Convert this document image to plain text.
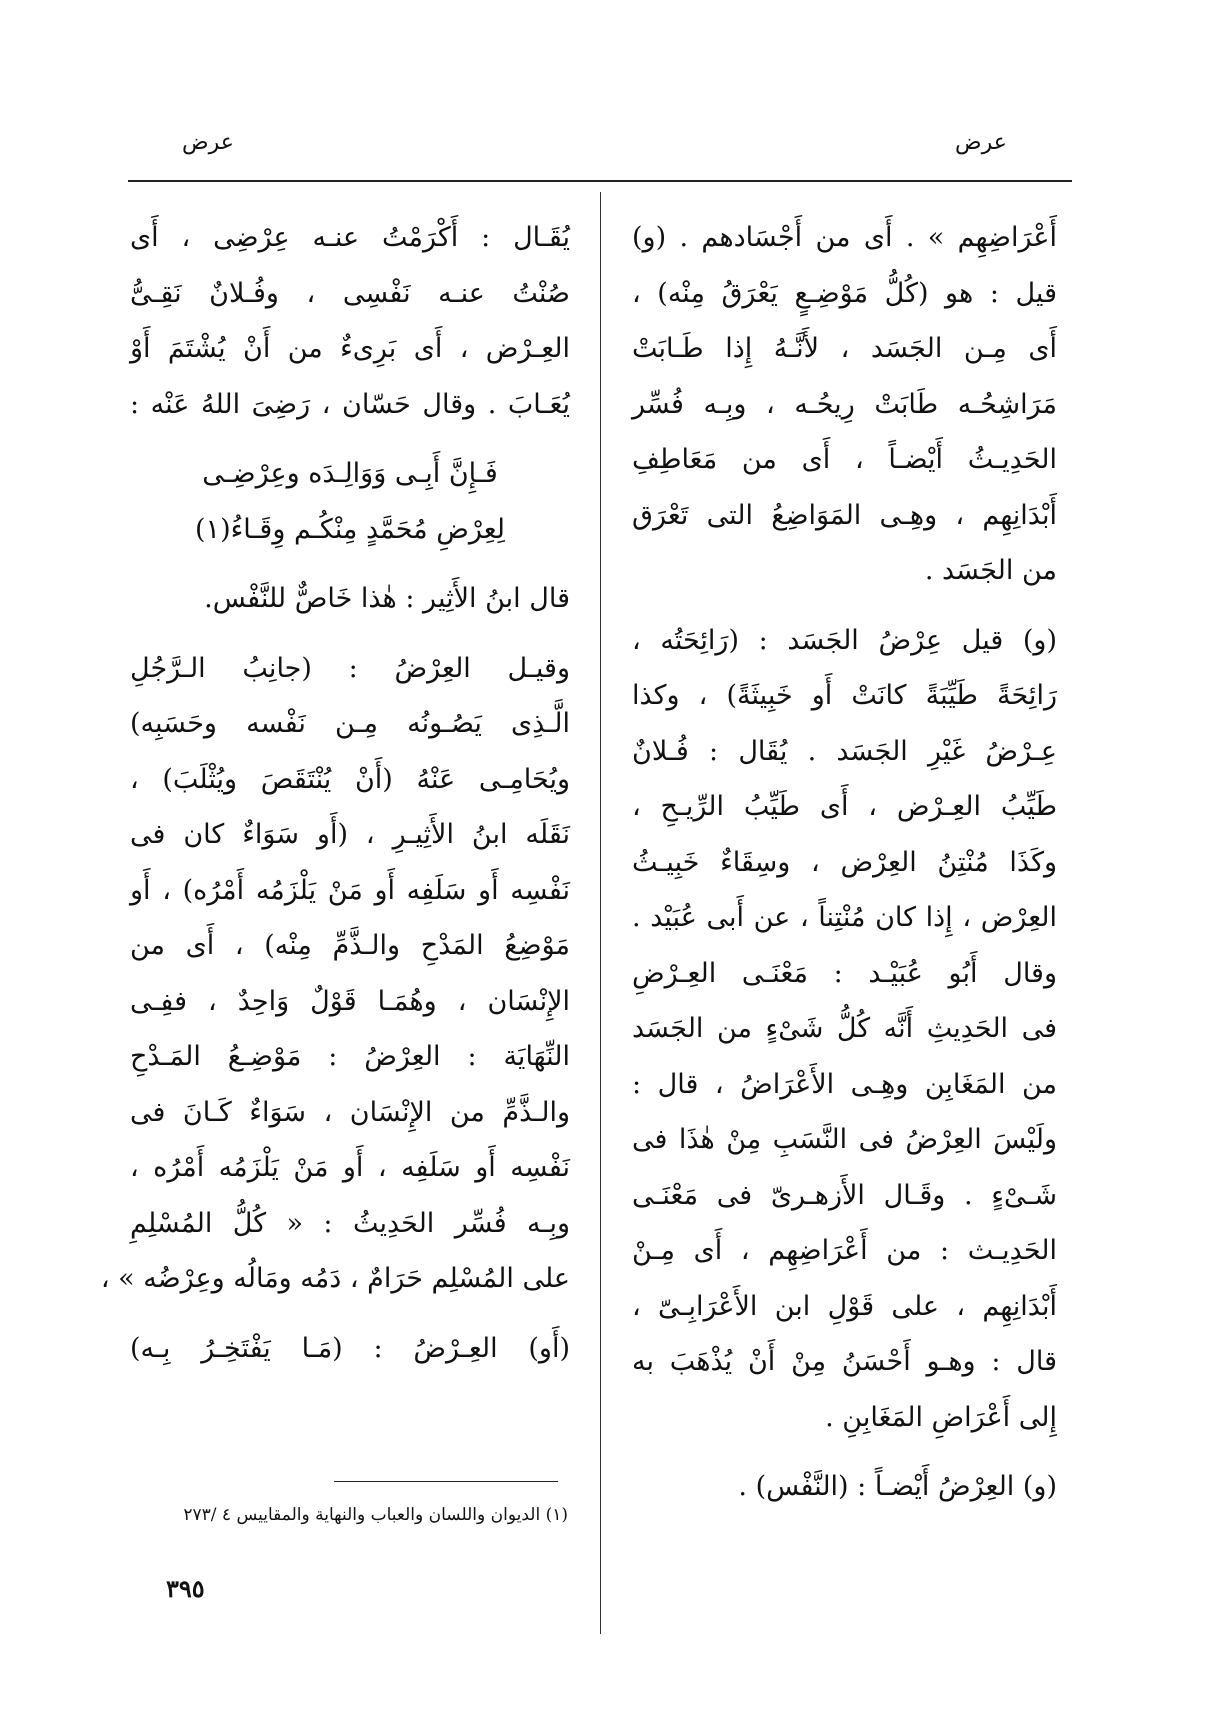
عرض
عرض
أَعْرَاضِهِم » . أَى من أَجْسَادهم . (و)
قيل : هو (كُلُّ مَوْضِـعٍ يَعْرَقُ مِنْه) ،
أَى مِـن الجَسَد ، لأَنَّـهُ إِذا طَـابَتْ
مَرَاشِحُـه طَابَتْ رِيحُـه ، وبِـه فُسِّر
الحَدِيـثُ أَيْضـاً ، أَى من مَعَاطِفِ
أَبْدَانِهِم ، وهِـى المَوَاضِعُ التى تَعْرَق
من الجَسَد .
(و) قيل عِرْضُ الجَسَد : (رَائِحَتُه ،
رَائِحَةً طَيِّبَةً كانَتْ أَو خَبِيثَةً) ، وكذا
عِـرْضُ غَيْرِ الجَسَد . يُقَال : فُـلانٌ
طَيِّبُ العِـرْض ، أَى طَيِّبُ الرِّيـحِ ،
وكَذَا مُنْتِنُ العِرْض ، وسِقَاءٌ خَبِيـثُ
العِرْض ، إِذا كان مُنْتِناً ، عن أَبى عُبَيْد .
وقال أَبُو عُبَيْـد : مَعْنَـى العِـرْضِ
فى الحَدِيثِ أَنَّه كُلُّ شَىْءٍ من الجَسَد
من المَغَابِن وهِـى الأَعْرَاضُ ، قال :
ولَيْسَ العِرْضُ فى النَّسَبِ مِنْ هٰذَا فى
شَـىْءٍ . وقَـال الأَزهـرىّ فى مَعْنَـى
الحَدِيـث : من أَعْرَاضِهِم ، أَى مِـنْ
أَبْدَانِهِم ، على قَوْلِ ابن الأَعْرَابِـىّ ،
قال : وهـو أَحْسَنُ مِنْ أَنْ يُذْهَبَ به
إِلى أَعْرَاضِ المَغَابِنِ .
(و) العِرْضُ أَيْضـاً : (النَّفْس) .
يُقَـال : أَكْرَمْتُ عنـه عِرْضِى ، أَى
صُنْتُ عنـه نَفْسِى ، وفُـلانٌ نَقِـىُّ
العِـرْض ، أَى بَرِىءٌ من أَنْ يُشْتَمَ أَوْ
يُعَـابَ . وقال حَسّان ، رَضِىَ اللهُ عَنْه :
فَـإِنَّ أَبِـى وَوَالِـدَه وعِرْضِـى
لِعِرْضِ مُحَمَّدٍ مِنْكُـم وِقَـاءُ(١)
قال ابنُ الأَثِير : هٰذا خَاصٌّ للنَّفْس.
وقيـل العِرْضُ : (جانِبُ الـرَّجُلِ
الَّـذِى يَصُـونُه مِـن نَفْسه وحَسَبِه)
ويُحَامِـى عَنْهُ (أَنْ يُنْتَقَصَ ويُثْلَبَ) ،
نَقَلَه ابنُ الأَثِيـرِ ، (أَو سَوَاءٌ كان فى
نَفْسِه أَو سَلَفِه أَو مَنْ يَلْزَمُه أَمْرُه) ، أَو
مَوْضِعُ المَدْحِ والـذَّمِّ مِنْه) ، أَى من
الإِنْسَان ، وهُمَـا قَوْلٌ وَاحِدٌ ، ففِـى
النِّهَايَة : العِرْضُ : مَوْضِـعُ المَـدْحِ
والـذَّمِّ من الإِنْسَان ، سَوَاءٌ كَـانَ فى
نَفْسِه أَو سَلَفِه ، أَو مَنْ يَلْزَمُه أَمْرُه ،
وبِـه فُسِّر الحَدِيثُ : « كُلُّ المُسْلِمِ
على المُسْلِم حَرَامٌ ، دَمُه ومَالُه وعِرْضُه » ،
(أَو) العِـرْضُ : (مَـا يَفْتَخِـرُ بِـه)
(١) الديوان واللسان والعباب والنهاية والمقاييس ٤ /٢٧٣
٣٩٥
